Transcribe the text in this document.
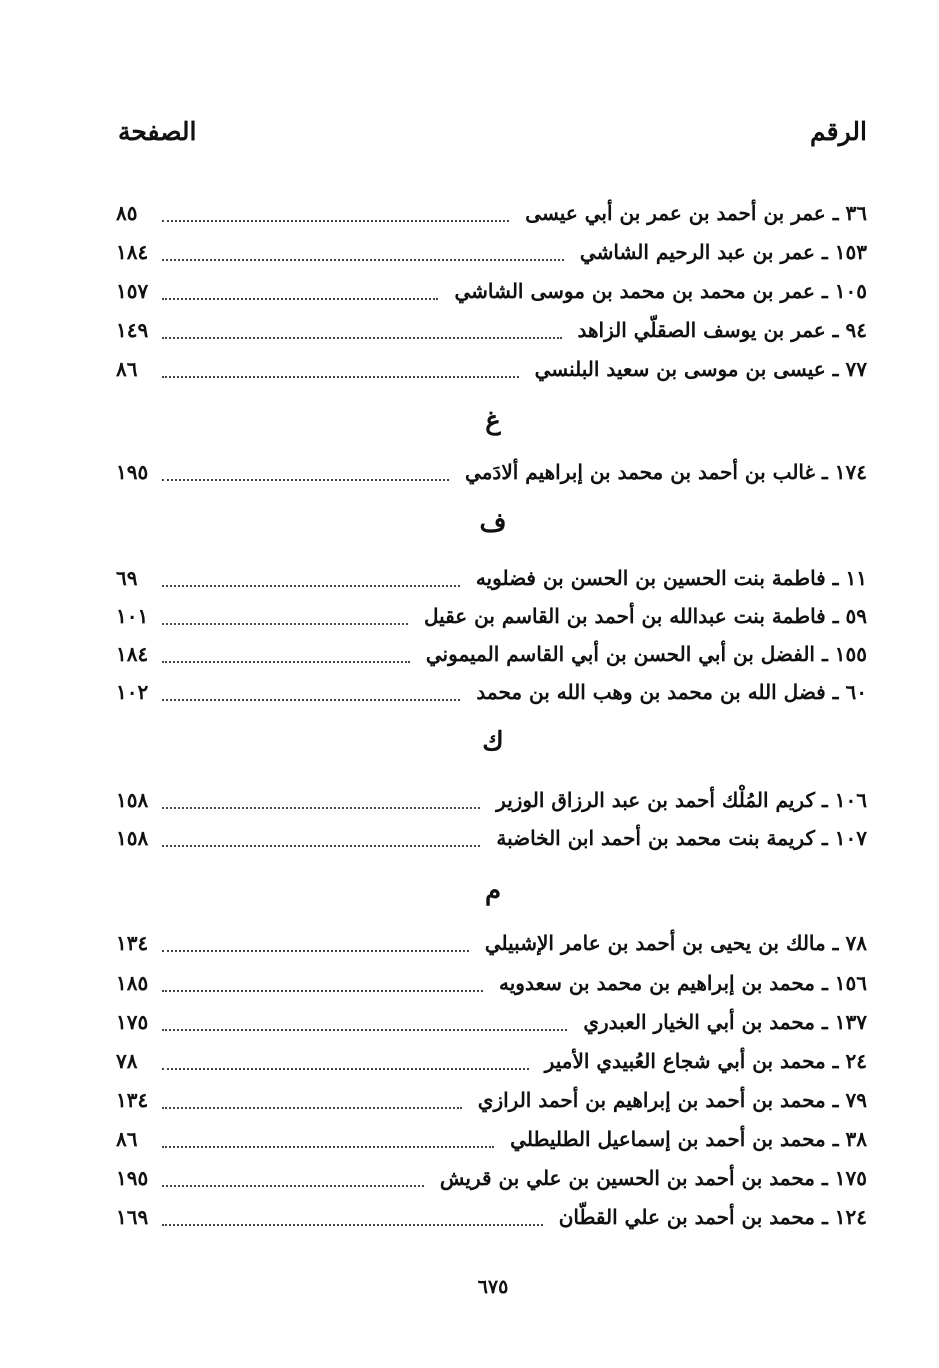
الرقم
الصفحة
٣٦ ـ عمر بن أحمد بن عمر بن أبي عيسى
٨٥
١٥٣ ـ عمر بن عبد الرحيم الشاشي
١٨٤
١٠٥ ـ عمر بن محمد بن محمد بن موسى الشاشي
١٥٧
٩٤ ـ عمر بن يوسف الصقلّي الزاهد
١٤٩
٧٧ ـ عيسى بن موسى بن سعيد البلنسي
٨٦
غ
١٧٤ ـ غالب بن أحمد بن محمد بن إبراهيم ألادَمي
١٩٥
ف
١١ ـ فاطمة بنت الحسين بن الحسن بن فضلويه
٦٩
٥٩ ـ فاطمة بنت عبدالله بن أحمد بن القاسم بن عقيل
١٠١
١٥٥ ـ الفضل بن أبي الحسن بن أبي القاسم الميموني
١٨٤
٦٠ ـ فضل الله بن محمد بن وهب الله بن محمد
١٠٢
ك
١٠٦ ـ كريم المُلْك أحمد بن عبد الرزاق الوزير
١٥٨
١٠٧ ـ كريمة بنت محمد بن أحمد ابن الخاضبة
١٥٨
م
٧٨ ـ مالك بن يحيى بن أحمد بن عامر الإشبيلي
١٣٤
١٥٦ ـ محمد بن إبراهيم بن محمد بن سعدويه
١٨٥
١٣٧ ـ محمد بن أبي الخيار العبدري
١٧٥
٢٤ ـ محمد بن أبي شجاع العُبيدي الأمير
٧٨
٧٩ ـ محمد بن أحمد بن إبراهيم بن أحمد الرازي
١٣٤
٣٨ ـ محمد بن أحمد بن إسماعيل الطليطلي
٨٦
١٧٥ ـ محمد بن أحمد بن الحسين بن علي بن قريش
١٩٥
١٢٤ ـ محمد بن أحمد بن علي القطّان
١٦٩
٦٧٥
